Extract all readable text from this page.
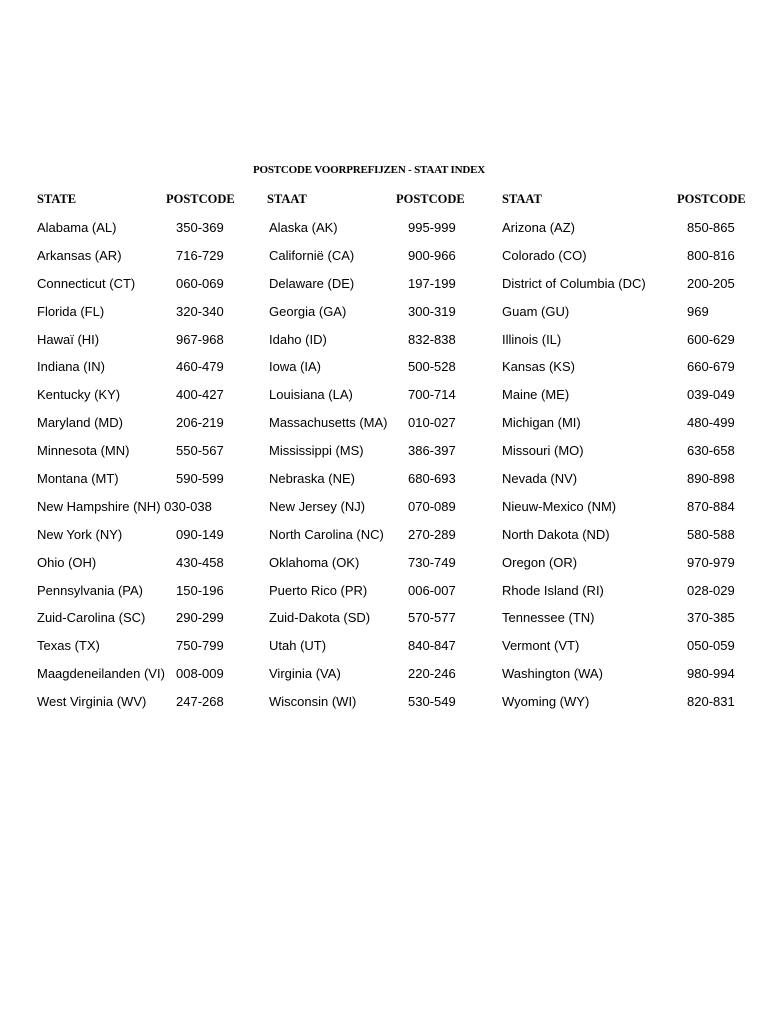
POSTCODE VOORPREFIJZEN - STAAT INDEX
STATE	POSTCODE	STAAT	POSTCODE	STAAT	POSTCODE
Alabama (AL)	350-369	Alaska (AK)	995-999	Arizona (AZ)	850-865
Arkansas (AR)	716-729	Californië (CA)	900-966	Colorado (CO)	800-816
Connecticut (CT)	060-069	Delaware (DE)	197-199	District of Columbia (DC)	200-205
Florida (FL)	320-340	Georgia (GA)	300-319	Guam (GU)	969
Hawaï (HI)	967-968	Idaho (ID)	832-838	Illinois (IL)	600-629
Indiana (IN)	460-479	Iowa (IA)	500-528	Kansas (KS)	660-679
Kentucky (KY)	400-427	Louisiana (LA)	700-714	Maine (ME)	039-049
Maryland (MD)	206-219	Massachusetts (MA) 010-027	Michigan (MI)	480-499
Minnesota (MN)	550-567	Mississippi (MS)	386-397	Missouri (MO)	630-658
Montana (MT)	590-599	Nebraska (NE)	680-693	Nevada (NV)	890-898
New Hampshire (NH) 030-038	New Jersey (NJ)	070-089	Nieuw-Mexico (NM)	870-884
New York (NY)	090-149	North Carolina (NC) 270-289	North Dakota (ND)	580-588
Ohio (OH)	430-458	Oklahoma (OK)	730-749	Oregon (OR)	970-979
Pennsylvania (PA)	150-196	Puerto Rico (PR)	006-007	Rhode Island (RI)	028-029
Zuid-Carolina (SC) 290-299	Zuid-Dakota (SD)	570-577	Tennessee (TN)	370-385
Texas (TX)	750-799	Utah (UT)	840-847	Vermont (VT)	050-059
Maagdeneilanden (VI) 008-009	Virginia (VA)	220-246	Washington (WA)	980-994
West Virginia (WV) 247-268	Wisconsin (WI)	530-549	Wyoming (WY)	820-831
